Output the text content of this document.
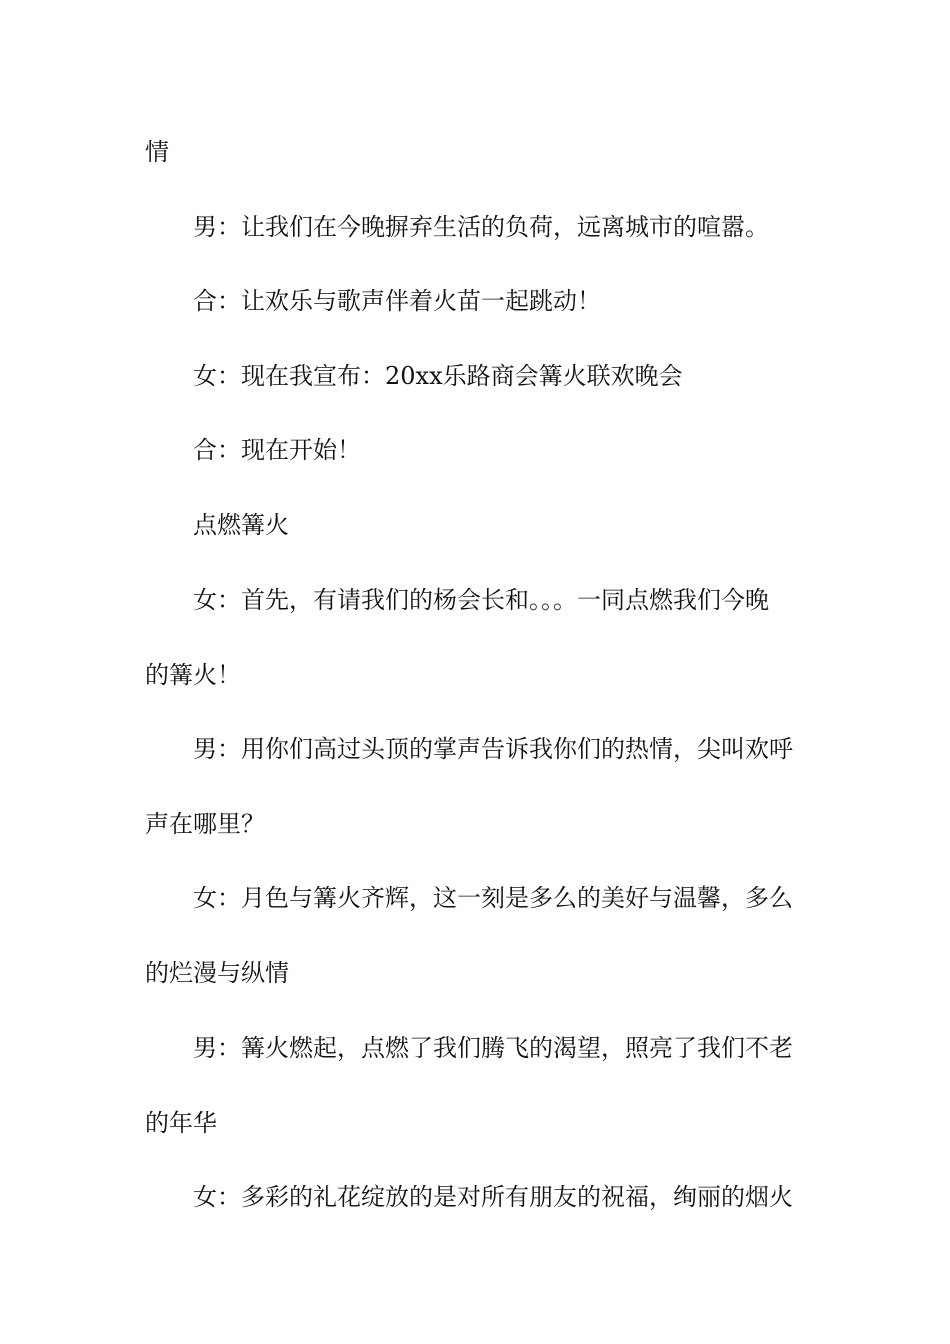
情
男：让我们在今晚摒弃生活的负荷，远离城市的喧嚣。
合：让欢乐与歌声伴着火苗一起跳动！
女：现在我宣布：20xx乐路商会篝火联欢晚会
合：现在开始！
点燃篝火
女：首先，有请我们的杨会长和。。。一同点燃我们今晚
的篝火！
男：用你们高过头顶的掌声告诉我你们的热情，尖叫欢呼
声在哪里？
女：月色与篝火齐辉，这一刻是多么的美好与温馨，多么
的烂漫与纵情
男：篝火燃起，点燃了我们腾飞的渴望，照亮了我们不老
的年华
女：多彩的礼花绽放的是对所有朋友的祝福，绚丽的烟火
